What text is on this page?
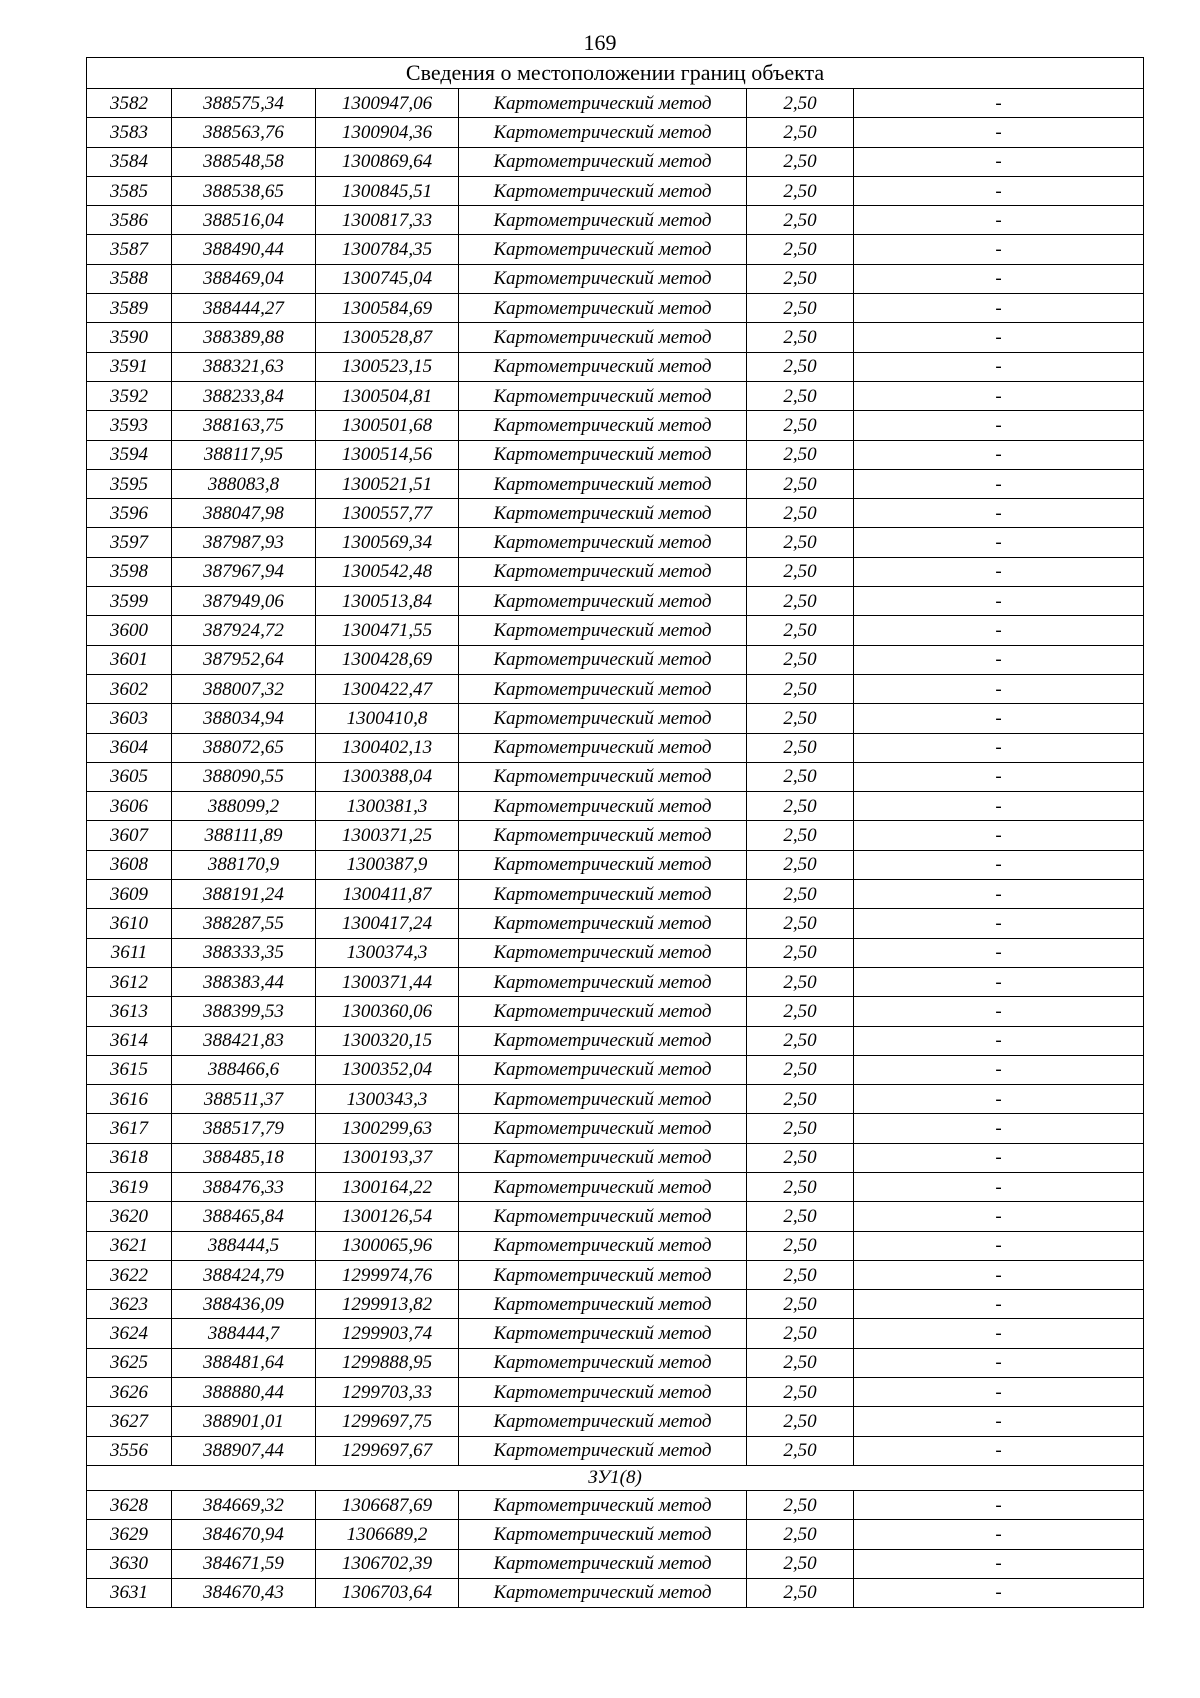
169
Сведения о местоположении границ объекта					
3582	388575,34	1300947,06	Картометрический метод	2,50	-
3583	388563,76	1300904,36	Картометрический метод	2,50	-
3584	388548,58	1300869,64	Картометрический метод	2,50	-
3585	388538,65	1300845,51	Картометрический метод	2,50	-
3586	388516,04	1300817,33	Картометрический метод	2,50	-
3587	388490,44	1300784,35	Картометрический метод	2,50	-
3588	388469,04	1300745,04	Картометрический метод	2,50	-
3589	388444,27	1300584,69	Картометрический метод	2,50	-
3590	388389,88	1300528,87	Картометрический метод	2,50	-
3591	388321,63	1300523,15	Картометрический метод	2,50	-
3592	388233,84	1300504,81	Картометрический метод	2,50	-
3593	388163,75	1300501,68	Картометрический метод	2,50	-
3594	388117,95	1300514,56	Картометрический метод	2,50	-
3595	388083,8	1300521,51	Картометрический метод	2,50	-
3596	388047,98	1300557,77	Картометрический метод	2,50	-
3597	387987,93	1300569,34	Картометрический метод	2,50	-
3598	387967,94	1300542,48	Картометрический метод	2,50	-
3599	387949,06	1300513,84	Картометрический метод	2,50	-
3600	387924,72	1300471,55	Картометрический метод	2,50	-
3601	387952,64	1300428,69	Картометрический метод	2,50	-
3602	388007,32	1300422,47	Картометрический метод	2,50	-
3603	388034,94	1300410,8	Картометрический метод	2,50	-
3604	388072,65	1300402,13	Картометрический метод	2,50	-
3605	388090,55	1300388,04	Картометрический метод	2,50	-
3606	388099,2	1300381,3	Картометрический метод	2,50	-
3607	388111,89	1300371,25	Картометрический метод	2,50	-
3608	388170,9	1300387,9	Картометрический метод	2,50	-
3609	388191,24	1300411,87	Картометрический метод	2,50	-
3610	388287,55	1300417,24	Картометрический метод	2,50	-
3611	388333,35	1300374,3	Картометрический метод	2,50	-
3612	388383,44	1300371,44	Картометрический метод	2,50	-
3613	388399,53	1300360,06	Картометрический метод	2,50	-
3614	388421,83	1300320,15	Картометрический метод	2,50	-
3615	388466,6	1300352,04	Картометрический метод	2,50	-
3616	388511,37	1300343,3	Картометрический метод	2,50	-
3617	388517,79	1300299,63	Картометрический метод	2,50	-
3618	388485,18	1300193,37	Картометрический метод	2,50	-
3619	388476,33	1300164,22	Картометрический метод	2,50	-
3620	388465,84	1300126,54	Картометрический метод	2,50	-
3621	388444,5	1300065,96	Картометрический метод	2,50	-
3622	388424,79	1299974,76	Картометрический метод	2,50	-
3623	388436,09	1299913,82	Картометрический метод	2,50	-
3624	388444,7	1299903,74	Картометрический метод	2,50	-
3625	388481,64	1299888,95	Картометрический метод	2,50	-
3626	388880,44	1299703,33	Картометрический метод	2,50	-
3627	388901,01	1299697,75	Картометрический метод	2,50	-
3556	388907,44	1299697,67	Картометрический метод	2,50	-
ЗУ1(8)					
3628	384669,32	1306687,69	Картометрический метод	2,50	-
3629	384670,94	1306689,2	Картометрический метод	2,50	-
3630	384671,59	1306702,39	Картометрический метод	2,50	-
3631	384670,43	1306703,64	Картометрический метод	2,50	-
